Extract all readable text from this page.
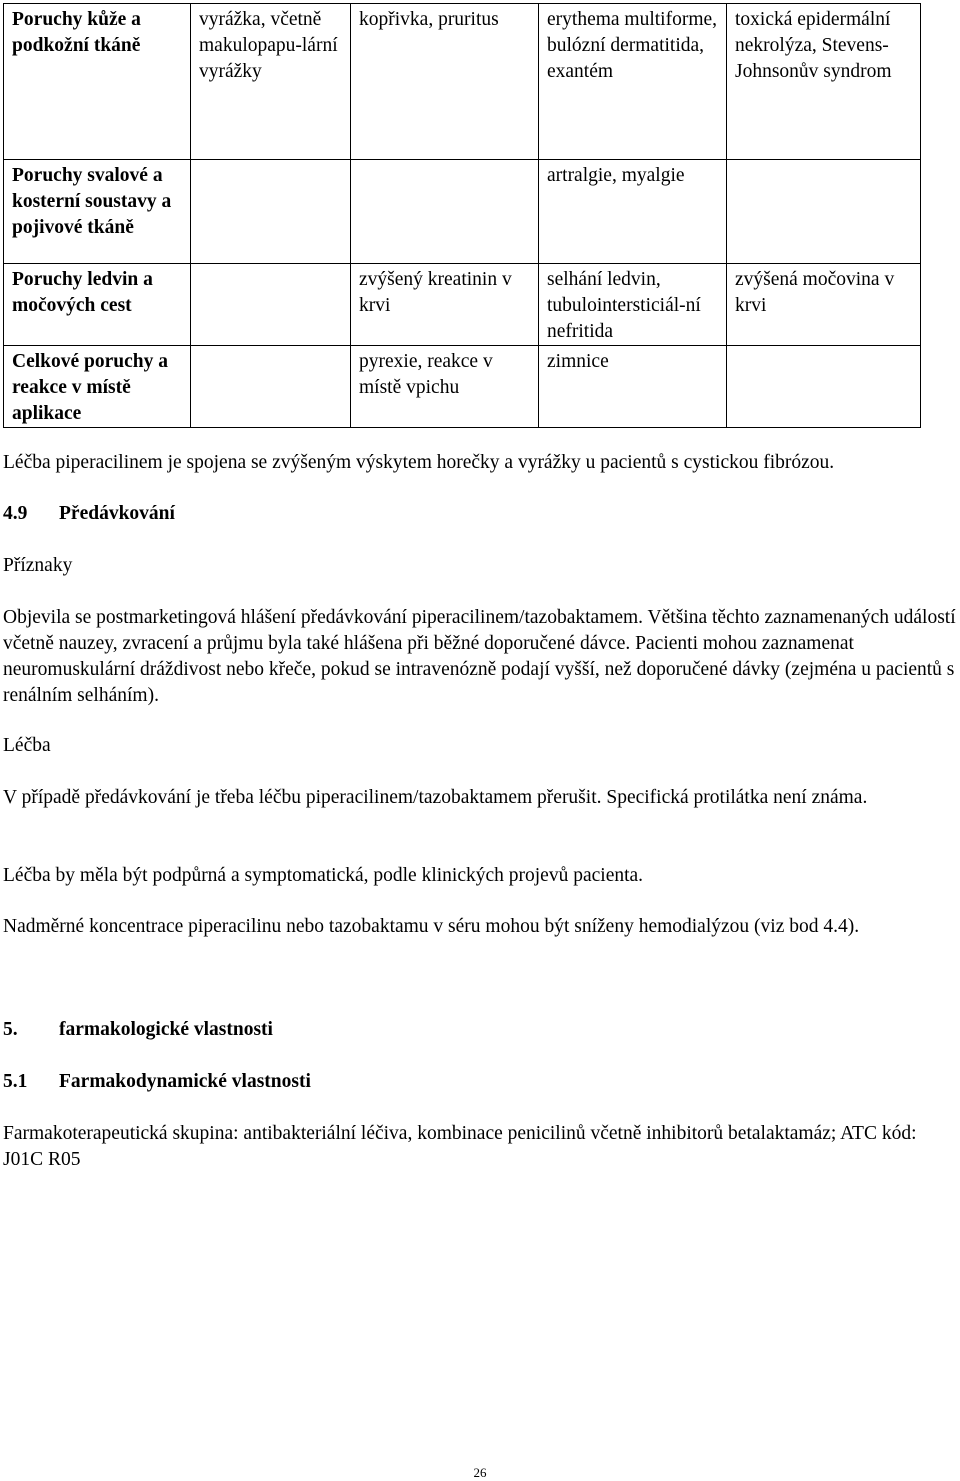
Poruchy kůže a podkožní tkáně	vyrážka, včetně makulopapu-lární vyrážky	kopřivka, pruritus	erythema multiforme, bulózní dermatitida, exantém	toxická epidermální nekrolýza, Stevens-Johnsonův syndrom
Poruchy svalové a kosterní soustavy a pojivové tkáně			artralgie, myalgie	
Poruchy ledvin a močových cest		zvýšený kreatinin v krvi	selhání ledvin, tubulointersticiál-ní nefritida	zvýšená močovina v krvi
Celkové poruchy a reakce v místě aplikace		pyrexie, reakce v místě vpichu	zimnice	

Léčba piperacilinem je spojena se zvýšeným výskytem horečky a vyrážky u pacientů s cystickou fibrózou.

4.9 Předávkování

Příznaky

Objevila se postmarketingová hlášení předávkování piperacilinem/tazobaktamem. Většina těchto zaznamenaných událostí včetně nauzey, zvracení a průjmu byla také hlášena při běžné doporučené dávce. Pacienti mohou zaznamenat neuromuskulární dráždivost nebo křeče, pokud se intravenózně podají vyšší, než doporučené dávky (zejména u pacientů s renálním selháním).

Léčba

V případě předávkování je třeba léčbu piperacilinem/tazobaktamem přerušit. Specifická protilátka není známa.

Léčba by měla být podpůrná a symptomatická, podle klinických projevů pacienta.

Nadměrné koncentrace piperacilinu nebo tazobaktamu v séru mohou být sníženy hemodialýzou (viz bod 4.4).

5. farmakologické vlastnosti

5.1 Farmakodynamické vlastnosti

Farmakoterapeutická skupina: antibakteriální léčiva, kombinace penicilinů včetně inhibitorů betalaktamáz; ATC kód: J01C R05

26
